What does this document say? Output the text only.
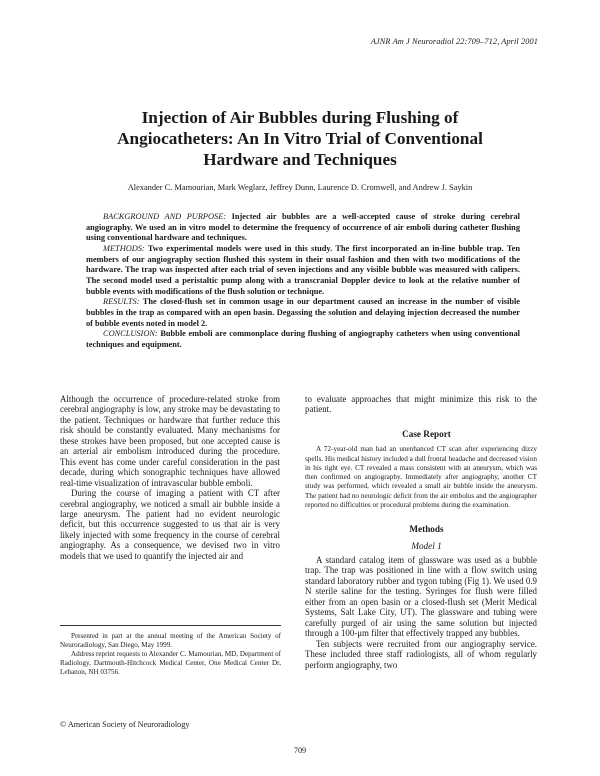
AJNR Am J Neuroradiol 22:709–712, April 2001
Injection of Air Bubbles during Flushing of
Angiocatheters: An In Vitro Trial of Conventional
Hardware and Techniques
Alexander C. Mamourian, Mark Weglarz, Jeffrey Dunn, Laurence D. Cromwell, and Andrew J. Saykin

BACKGROUND AND PURPOSE: Injected air bubbles are a well-accepted cause of stroke during cerebral angiography. We used an in vitro model to determine the frequency of occurrence of air emboli during catheter flushing using conventional hardware and techniques.

METHODS: Two experimental models were used in this study. The first incorporated an in-line bubble trap. Ten members of our angiography section flushed this system in their usual fashion and then with two modifications of the hardware. The trap was inspected after each trial of seven injections and any visible bubble was measured with calipers. The second model used a peristaltic pump along with a transcranial Doppler device to look at the relative number of bubble events with modifications of the flush solution or technique.

RESULTS: The closed-flush set in common usage in our department caused an increase in the number of visible bubbles in the trap as compared with an open basin. Degassing the solution and delaying injection decreased the number of bubble events noted in model 2.

CONCLUSION: Bubble emboli are commonplace during flushing of angiography catheters when using conventional techniques and equipment.

Although the occurrence of procedure-related stroke from cerebral angiography is low, any stroke may be devastating to the patient. Techniques or hardware that further reduce this risk should be constantly evaluated. Many mechanisms for these strokes have been proposed, but one accepted cause is an arterial air embolism introduced during the procedure. This event has come under careful consideration in the past decade, during which sonographic techniques have allowed real-time visualization of intravascular bubble emboli.

During the course of imaging a patient with CT after cerebral angiography, we noticed a small air bubble inside a large aneurysm. The patient had no evident neurologic deficit, but this occurrence suggested to us that air is very likely injected with some frequency in the course of cerebral angiography. As a consequence, we devised two in vitro models that we used to quantify the injected air and

Presented in part at the annual meeting of the American Society of Neuroradiology, San Diego, May 1999.

Address reprint requests to Alexander C. Mamourian, MD, Department of Radiology, Dartmouth-Hitchcock Medical Center, One Medical Center Dr, Lebanon, NH 03756.

© American Society of Neuroradiology

to evaluate approaches that might minimize this risk to the patient.

Case Report

A 72-year-old man had an unenhanced CT scan after experiencing dizzy spells. His medical history included a dull frontal headache and decreased vision in his right eye. CT revealed a mass consistent with an aneurysm, which was then confirmed on angiography. Immediately after angiography, another CT study was performed, which revealed a small air bubble inside the aneurysm. The patient had no neurologic deficit from the air embolus and the angiographer reported no difficulties or procedural problems during the examination.

Methods

Model 1

A standard catalog item of glassware was used as a bubble trap. The trap was positioned in line with a flow switch using standard laboratory rubber and tygon tubing (Fig 1). We used 0.9 N sterile saline for the testing. Syringes for flush were filled either from an open basin or a closed-flush set (Merit Medical Systems, Salt Lake City, UT). The glassware and tubing were carefully purged of air using the same solution but injected through a 100-μm filter that effectively trapped any bubbles.

Ten subjects were recruited from our angiography service. These included three staff radiologists, all of whom regularly perform angiography, two

709
